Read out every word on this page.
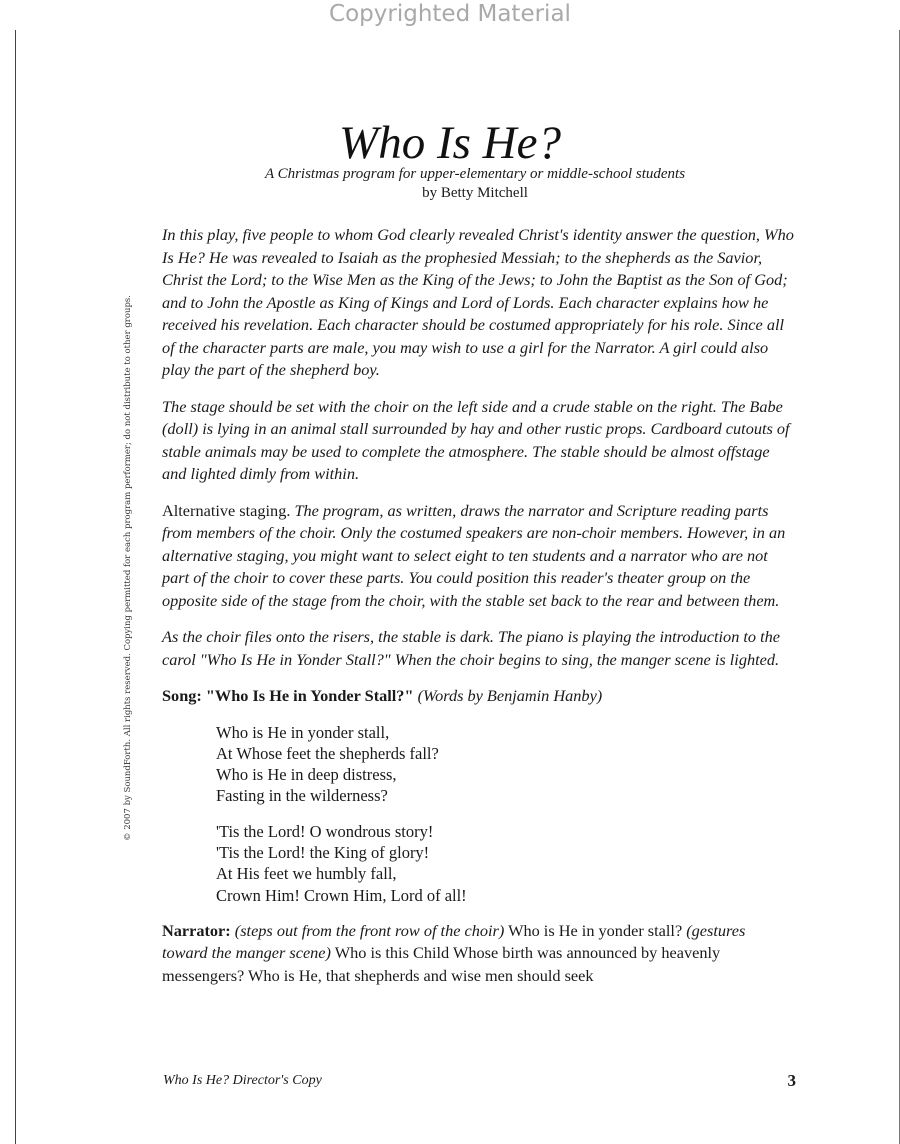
Copyrighted Material
© 2007 by SoundForth. All rights reserved. Copying permitted for each program performer; do not distribute to other groups.
Who Is He?
A Christmas program for upper-elementary or middle-school students
by Betty Mitchell

In this play, five people to whom God clearly revealed Christ's identity answer the question, Who Is He? He was revealed to Isaiah as the prophesied Messiah; to the shepherds as the Savior, Christ the Lord; to the Wise Men as the King of the Jews; to John the Baptist as the Son of God; and to John the Apostle as King of Kings and Lord of Lords. Each character explains how he received his revelation. Each character should be costumed appropriately for his role. Since all of the character parts are male, you may wish to use a girl for the Narrator. A girl could also play the part of the shepherd boy.

The stage should be set with the choir on the left side and a crude stable on the right. The Babe (doll) is lying in an animal stall surrounded by hay and other rustic props. Cardboard cutouts of stable animals may be used to complete the atmosphere. The stable should be almost offstage and lighted dimly from within.

Alternative staging. The program, as written, draws the narrator and Scripture reading parts from members of the choir. Only the costumed speakers are non-choir members. However, in an alternative staging, you might want to select eight to ten students and a narrator who are not part of the choir to cover these parts. You could position this reader's theater group on the opposite side of the stage from the choir, with the stable set back to the rear and between them.

As the choir files onto the risers, the stable is dark. The piano is playing the introduction to the carol "Who Is He in Yonder Stall?" When the choir begins to sing, the manger scene is lighted.

Song: "Who Is He in Yonder Stall?" (Words by Benjamin Hanby)

Who is He in yonder stall,
At Whose feet the shepherds fall?
Who is He in deep distress,
Fasting in the wilderness?
'Tis the Lord! O wondrous story!
'Tis the Lord! the King of glory!
At His feet we humbly fall,
Crown Him! Crown Him, Lord of all!

Narrator: (steps out from the front row of the choir) Who is He in yonder stall? (gestures toward the manger scene) Who is this Child Whose birth was announced by heavenly messengers? Who is He, that shepherds and wise men should seek

Who Is He? Director's Copy	3
